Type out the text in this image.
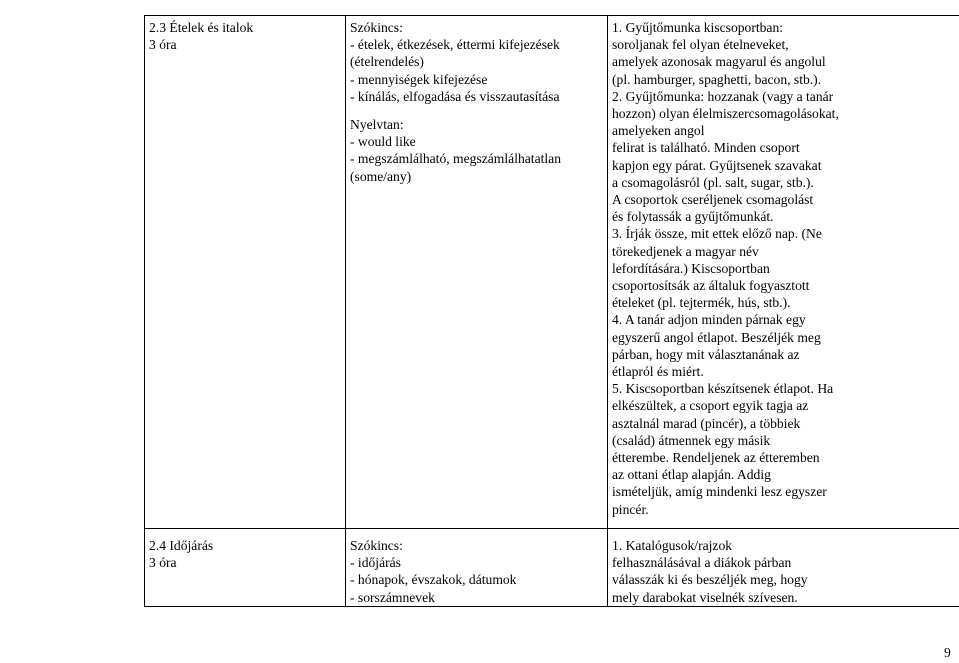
2.3 Ételek és italok
3 óra
Szókincs:
- ételek, étkezések, éttermi kifejezések
(ételrendelés)
- mennyiségek kifejezése
- kínálás, elfogadása és visszautasítása
Nyelvtan:
- would like
- megszámlálható, megszámlálhatatlan
(some/any)
1. Gyűjtőmunka kiscsoportban:
soroljanak fel olyan ételneveket,
amelyek azonosak magyarul és angolul
(pl. hamburger, spaghetti, bacon, stb.).
2. Gyűjtőmunka: hozzanak (vagy a tanár
hozzon) olyan élelmiszercsomagolásokat,
amelyeken angol
felirat is található. Minden csoport
kapjon egy párat. Gyűjtsenek szavakat
a csomagolásról (pl. salt, sugar, stb.).
A csoportok cseréljenek csomagolást
és folytassák a gyűjtőmunkát.
3. Írják össze, mit ettek előző nap. (Ne
törekedjenek a magyar név
lefordítására.) Kiscsoportban
csoportosítsák az általuk fogyasztott
ételeket (pl. tejtermék, hús, stb.).
4. A tanár adjon minden párnak egy
egyszerű angol étlapot. Beszéljék meg
párban, hogy mit választanának az
étlapról és miért.
5. Kiscsoportban készítsenek étlapot. Ha
elkészültek, a csoport egyik tagja az
asztalnál marad (pincér), a többiek
(család) átmennek egy másik
étterembe. Rendeljenek az étteremben
az ottani étlap alapján. Addig
ismételjük, amíg mindenki lesz egyszer
pincér.
2.4 Időjárás
3 óra
Szókincs:
- időjárás
- hónapok, évszakok, dátumok
- sorszámnevek
1. Katalógusok/rajzok
felhasználásával a diákok párban
válasszák ki és beszéljék meg, hogy
mely darabokat viselnék szívesen.
9
